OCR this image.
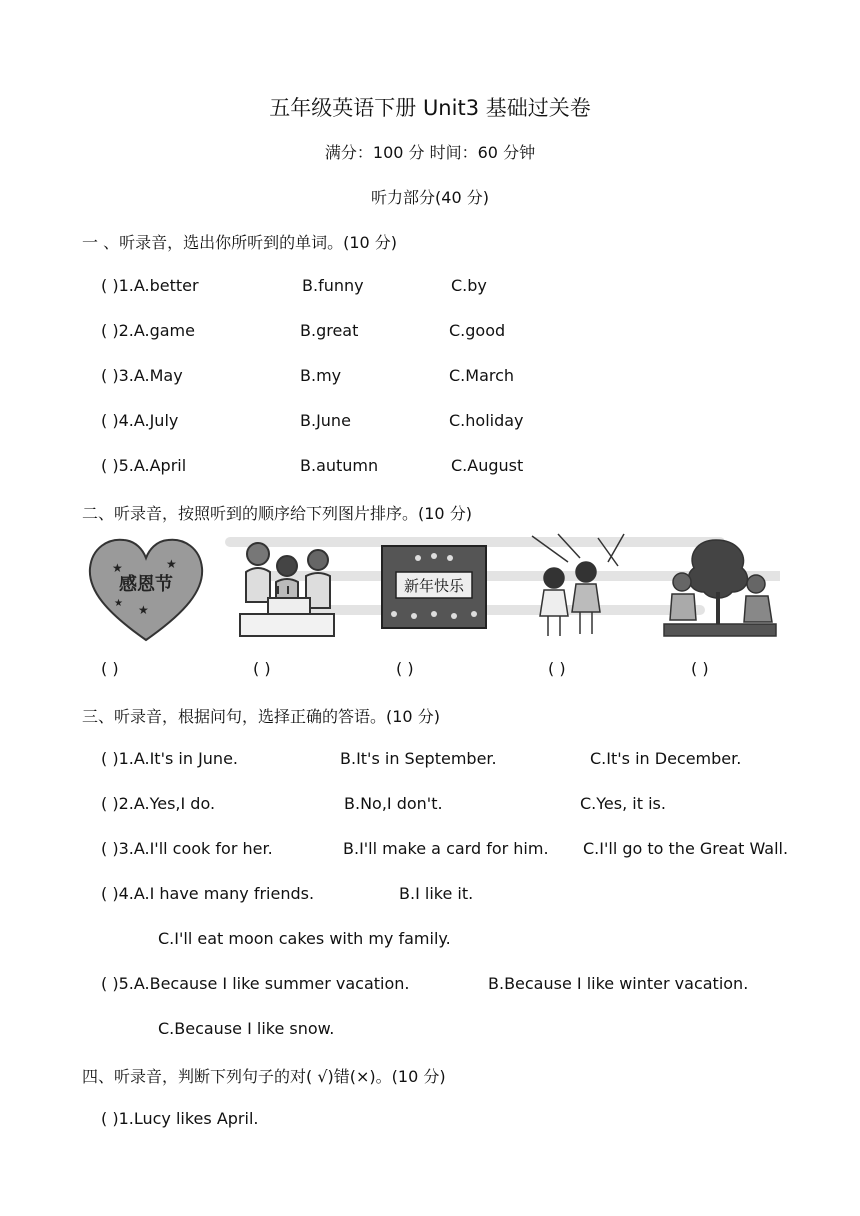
五年级英语下册 Unit3 基础过关卷
满分：100 分 时间：60 分钟
听力部分(40 分)
一 、听录音，选出你所听到的单词。(10 分)
( )1.A.better	B.funny	C.by
( )2.A.game	B.great	C.good
( )3.A.May	B.my	C.March
( )4.A.July	B.June	C.holiday
( )5.A.April	B.autumn	C.August
二、听录音，按照听到的顺序给下列图片排序。(10 分)
感恩节
★	★
★
★
新年快乐
( )	( )	( )	( )	( )
三、听录音，根据问句，选择正确的答语。(10 分)
( )1.A.It's in June.	B.It's in September.	C.It's in December.
( )2.A.Yes,I do.	B.No,I don't.	C.Yes, it is.
( )3.A.I'll cook for her.	B.I'll make a card for him. C.I'll go to the Great Wall.
( )4.A.I have many friends.	B.I like it.
C.I'll eat moon cakes with my family.
( )5.A.Because I like summer vacation.	B.Because I like winter vacation.
C.Because I like snow.
四、听录音，判断下列句子的对( √)错(×)。(10 分)
( )1.Lucy likes April.
